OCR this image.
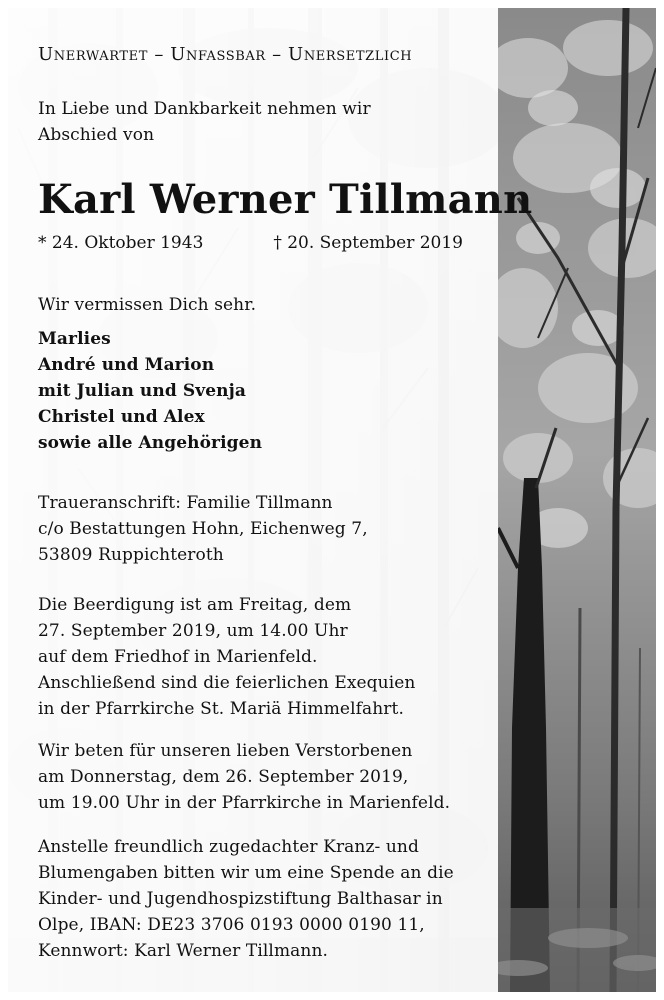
Unerwartet – Unfassbar – Unersetzlich
In Liebe und Dankbarkeit nehmen wir
Abschied von
Karl Werner Tillmann
* 24. Oktober 1943	† 20. September 2019
Wir vermissen Dich sehr.
Marlies
André und Marion
mit Julian und Svenja
Christel und Alex
sowie alle Angehörigen
Traueranschrift: Familie Tillmann
c/o Bestattungen Hohn, Eichenweg 7,
53809 Ruppichteroth
Die Beerdigung ist am Freitag, dem
27. September 2019, um 14.00 Uhr
auf dem Friedhof in Marienfeld.
Anschließend sind die feierlichen Exequien
in der Pfarrkirche St. Mariä Himmelfahrt.
Wir beten für unseren lieben Verstorbenen
am Donnerstag, dem 26. September 2019,
um 19.00 Uhr in der Pfarrkirche in Marienfeld.
Anstelle freundlich zugedachter Kranz- und
Blumengaben bitten wir um eine Spende an die
Kinder- und Jugendhospizstiftung Balthasar in
Olpe, IBAN: DE23 3706 0193 0000 0190 11,
Kennwort: Karl Werner Tillmann.
